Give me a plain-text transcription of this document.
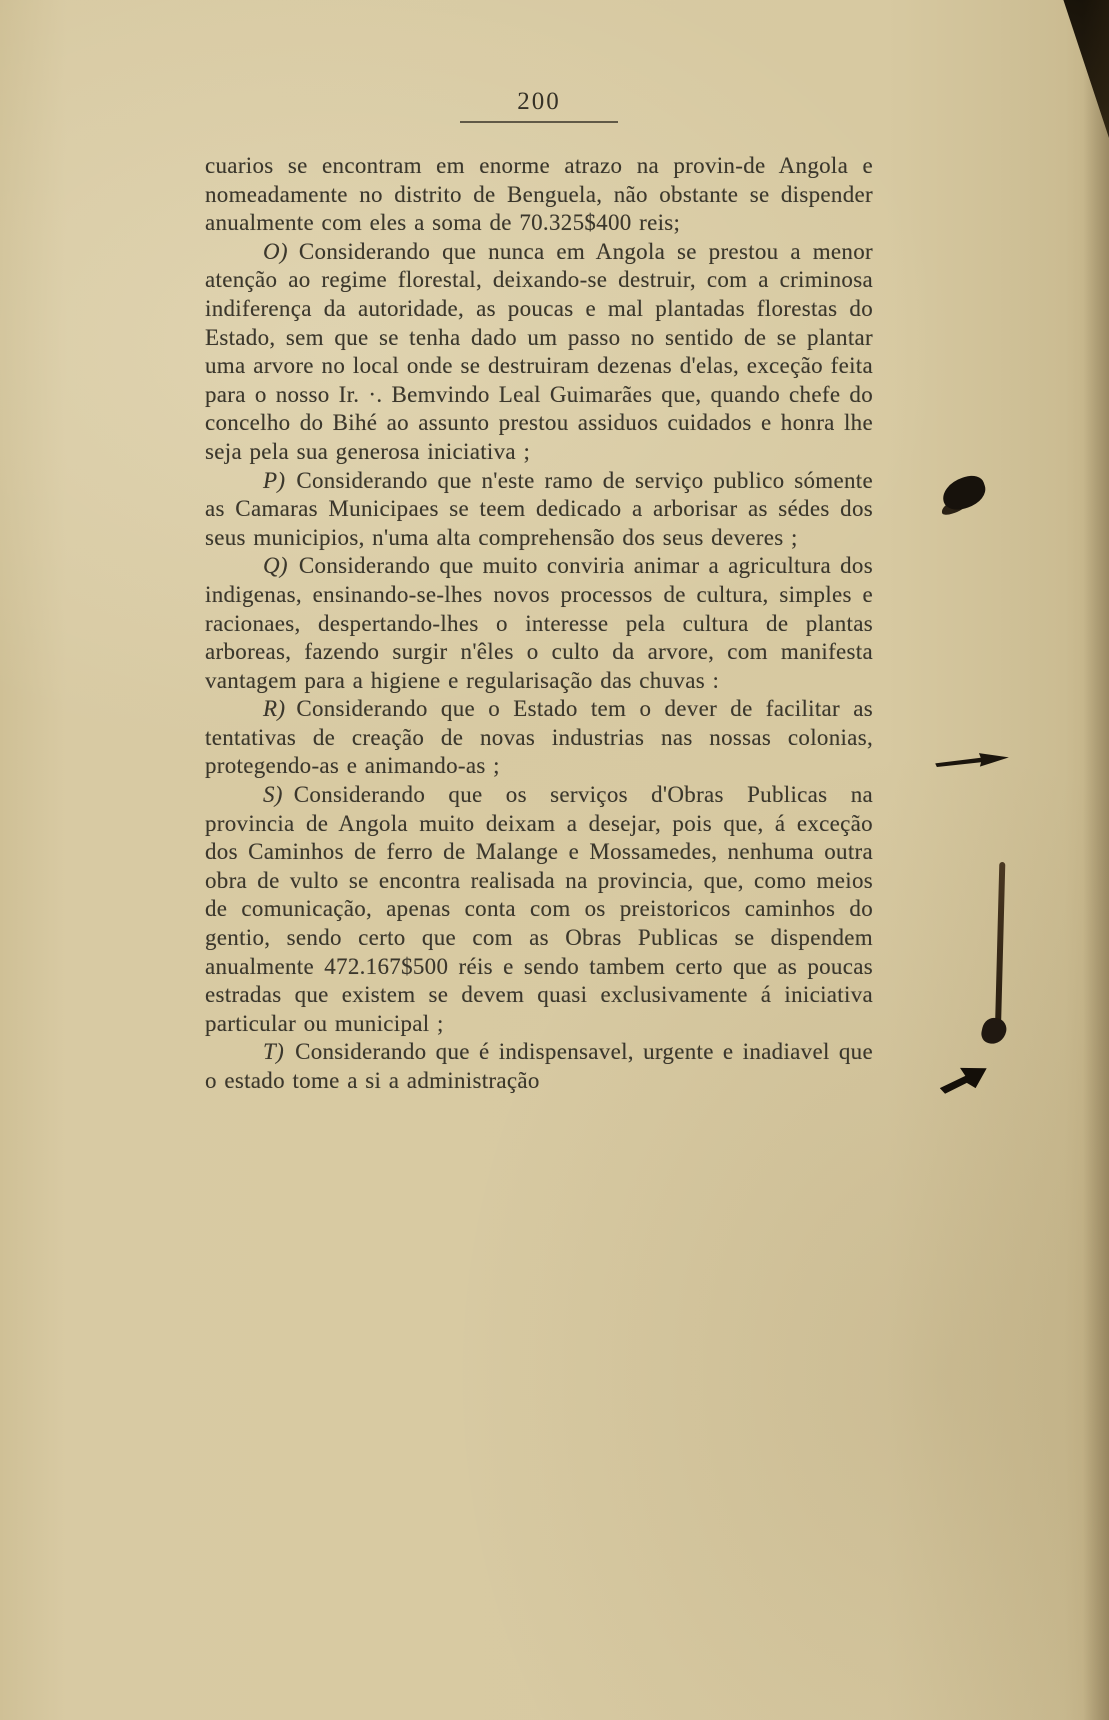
200

cuarios se encontram em enorme atrazo na provin-de Angola e nomeadamente no distrito de Benguela, não obstante se dispender anualmente com eles a soma de 70.325$400 reis;

O) Considerando que nunca em Angola se prestou a menor atenção ao regime florestal, deixando-se destruir, com a criminosa indiferença da autoridade, as poucas e mal plantadas florestas do Estado, sem que se tenha dado um passo no sentido de se plantar uma arvore no local onde se destruiram dezenas d'elas, exceção feita para o nosso Ir. ·. Bemvindo Leal Guimarães que, quando chefe do concelho do Bihé ao assunto prestou assiduos cuidados e honra lhe seja pela sua generosa iniciativa ;

P) Considerando que n'este ramo de serviço publico sómente as Camaras Municipaes se teem dedicado a arborisar as sédes dos seus municipios, n'uma alta comprehensão dos seus deveres ;

Q) Considerando que muito conviria animar a agricultura dos indigenas, ensinando-se-lhes novos processos de cultura, simples e racionaes, despertando-lhes o interesse pela cultura de plantas arboreas, fazendo surgir n'êles o culto da arvore, com manifesta vantagem para a higiene e regularisação das chuvas :

R) Considerando que o Estado tem o dever de facilitar as tentativas de creação de novas industrias nas nossas colonias, protegendo-as e animando-as ;

S) Considerando que os serviços d'Obras Publicas na provincia de Angola muito deixam a desejar, pois que, á exceção dos Caminhos de ferro de Malange e Mossamedes, nenhuma outra obra de vulto se encontra realisada na provincia, que, como meios de comunicação, apenas conta com os preistoricos caminhos do gentio, sendo certo que com as Obras Publicas se dispendem anualmente 472.167$500 réis e sendo tambem certo que as poucas estradas que existem se devem quasi exclusivamente á iniciativa particular ou municipal ;

T) Considerando que é indispensavel, urgente e inadiavel que o estado tome a si a administração
